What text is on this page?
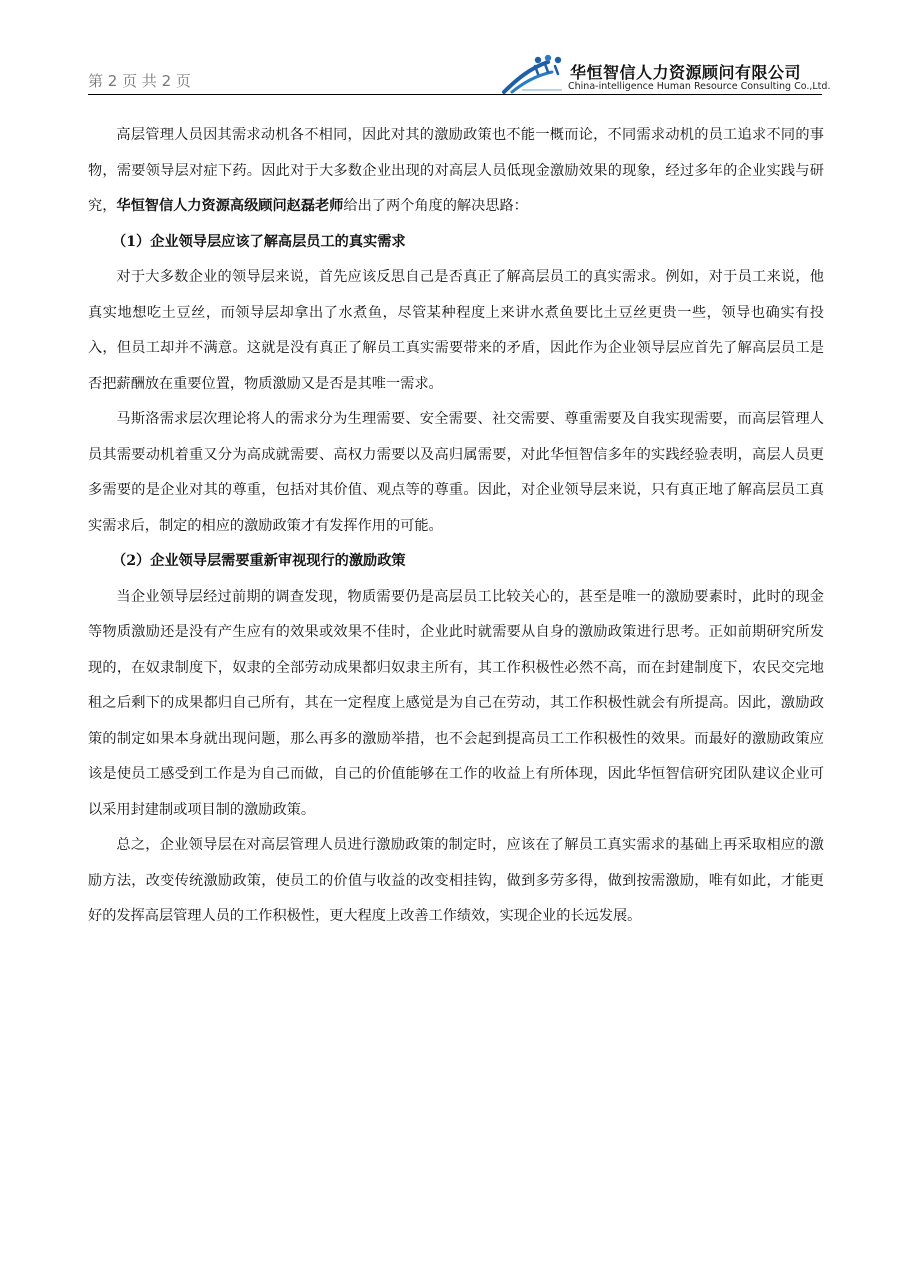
第 2 页 共 2 页	华恒智信人力资源顾问有限公司
China-intelligence Human Resource Consulting Co.,Ltd.

高层管理人员因其需求动机各不相同，因此对其的激励政策也不能一概而论，不同需求动机的员工追求不同的事物，需要领导层对症下药。因此对于大多数企业出现的对高层人员低现金激励效果的现象，经过多年的企业实践与研究，华恒智信人力资源高级顾问赵磊老师给出了两个角度的解决思路：

（1）企业领导层应该了解高层员工的真实需求

对于大多数企业的领导层来说，首先应该反思自己是否真正了解高层员工的真实需求。例如，对于员工来说，他真实地想吃土豆丝，而领导层却拿出了水煮鱼，尽管某种程度上来讲水煮鱼要比土豆丝更贵一些，领导也确实有投入，但员工却并不满意。这就是没有真正了解员工真实需要带来的矛盾，因此作为企业领导层应首先了解高层员工是否把薪酬放在重要位置，物质激励又是否是其唯一需求。

马斯洛需求层次理论将人的需求分为生理需要、安全需要、社交需要、尊重需要及自我实现需要，而高层管理人员其需要动机着重又分为高成就需要、高权力需要以及高归属需要，对此华恒智信多年的实践经验表明，高层人员更多需要的是企业对其的尊重，包括对其价值、观点等的尊重。因此，对企业领导层来说，只有真正地了解高层员工真实需求后，制定的相应的激励政策才有发挥作用的可能。

（2）企业领导层需要重新审视现行的激励政策

当企业领导层经过前期的调查发现，物质需要仍是高层员工比较关心的，甚至是唯一的激励要素时，此时的现金等物质激励还是没有产生应有的效果或效果不佳时，企业此时就需要从自身的激励政策进行思考。正如前期研究所发现的，在奴隶制度下，奴隶的全部劳动成果都归奴隶主所有，其工作积极性必然不高，而在封建制度下，农民交完地租之后剩下的成果都归自己所有，其在一定程度上感觉是为自己在劳动，其工作积极性就会有所提高。因此，激励政策的制定如果本身就出现问题，那么再多的激励举措，也不会起到提高员工工作积极性的效果。而最好的激励政策应该是使员工感受到工作是为自己而做，自己的价值能够在工作的收益上有所体现，因此华恒智信研究团队建议企业可以采用封建制或项目制的激励政策。

总之，企业领导层在对高层管理人员进行激励政策的制定时，应该在了解员工真实需求的基础上再采取相应的激励方法，改变传统激励政策，使员工的价值与收益的改变相挂钩，做到多劳多得，做到按需激励，唯有如此，才能更好的发挥高层管理人员的工作积极性，更大程度上改善工作绩效，实现企业的长远发展。
